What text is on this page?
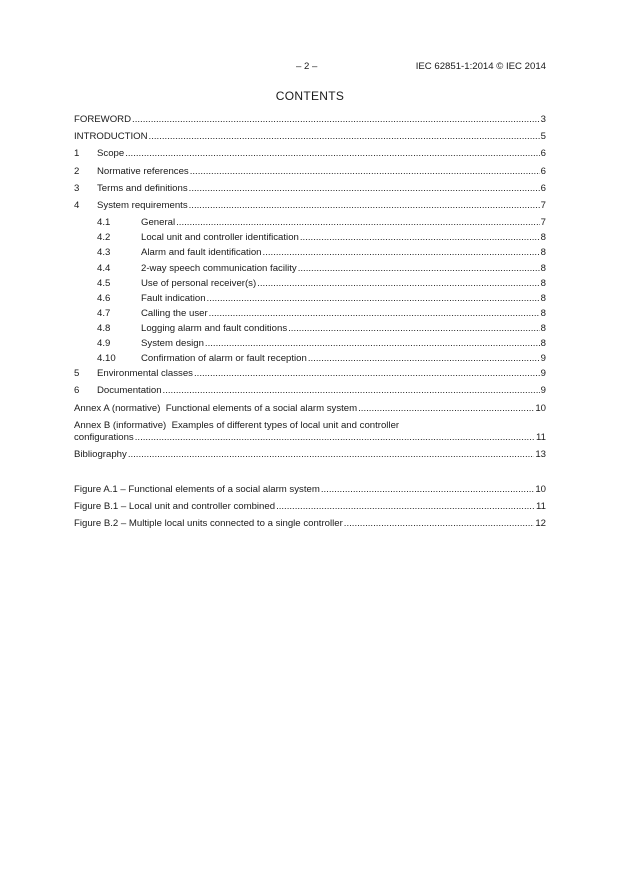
– 2 –	IEC 62851-1:2014 © IEC 2014
CONTENTS
FOREWORD .....	3
INTRODUCTION .....	5
1	Scope .....	6
2	Normative references .....	6
3	Terms and definitions .....	6
4	System requirements .....	7
4.1	General .....	7
4.2	Local unit and controller identification .....	8
4.3	Alarm and fault identification .....	8
4.4	2-way speech communication facility .....	8
4.5	Use of personal receiver(s) .....	8
4.6	Fault indication .....	8
4.7	Calling the user .....	8
4.8	Logging alarm and fault conditions .....	8
4.9	System design .....	8
4.10	Confirmation of alarm or fault reception .....	9
5	Environmental classes .....	9
6	Documentation .....	9
Annex A (normative)  Functional elements of a social alarm system .....	10
Annex B (informative)  Examples of different types of local unit and controller
configurations .....	11
Bibliography .....	13
Figure A.1 – Functional elements of a social alarm system .....	10
Figure B.1 – Local unit and controller combined .....	11
Figure B.2 – Multiple local units connected to a single controller .....	12
